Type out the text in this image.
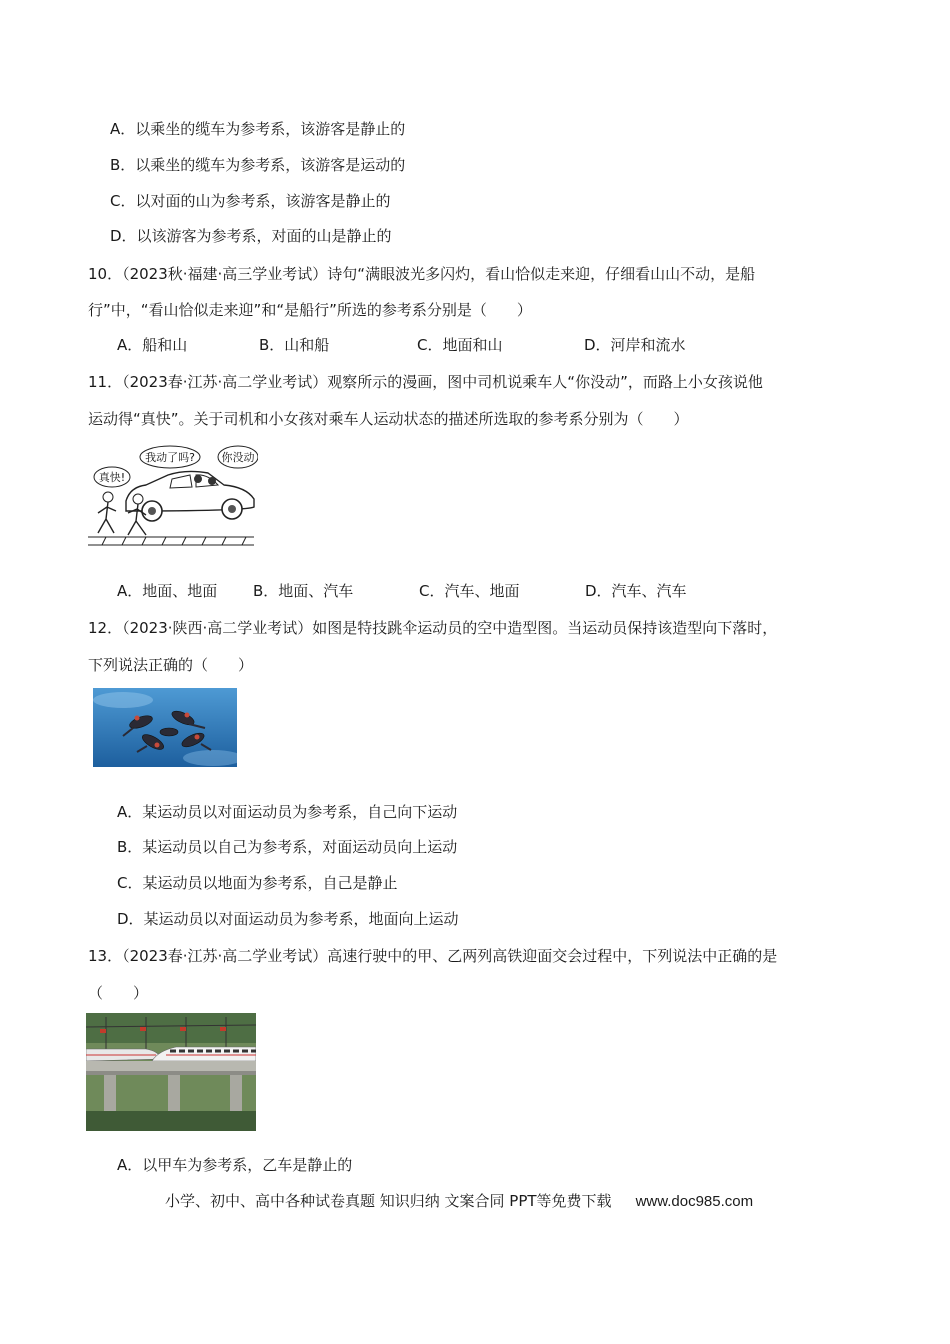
A．以乘坐的缆车为参考系，该游客是静止的
B．以乘坐的缆车为参考系，该游客是运动的
C．以对面的山为参考系，该游客是静止的
D．以该游客为参考系，对面的山是静止的
10．（2023秋·福建·高三学业考试）诗句“满眼波光多闪灼，看山恰似走来迎，仔细看山山不动，是船
行”中，“看山恰似走来迎”和“是船行”所选的参考系分别是（　　）
A．船和山	B．山和船	C．地面和山	D．河岸和流水
11．（2023春·江苏·高二学业考试）观察所示的漫画，图中司机说乘车人“你没动”，而路上小女孩说他
运动得“真快”。关于司机和小女孩对乘车人运动状态的描述所选取的参考系分别为（　　）
真快!
我动了吗? 你没动
A．地面、地面	B．地面、汽车	C．汽车、地面	D．汽车、汽车
12．（2023·陕西·高二学业考试）如图是特技跳伞运动员的空中造型图。当运动员保持该造型向下落时，
下列说法正确的（　　）
A．某运动员以对面运动员为参考系，自己向下运动
B．某运动员以自己为参考系，对面运动员向上运动
C．某运动员以地面为参考系，自己是静止
D．某运动员以对面运动员为参考系，地面向上运动
13．（2023春·江苏·高二学业考试）高速行驶中的甲、乙两列高铁迎面交会过程中，下列说法中正确的是
（　　）
A．以甲车为参考系，乙车是静止的
小学、初中、高中各种试卷真题 知识归纳 文案合同 PPT等免费下载 www.doc985.com
